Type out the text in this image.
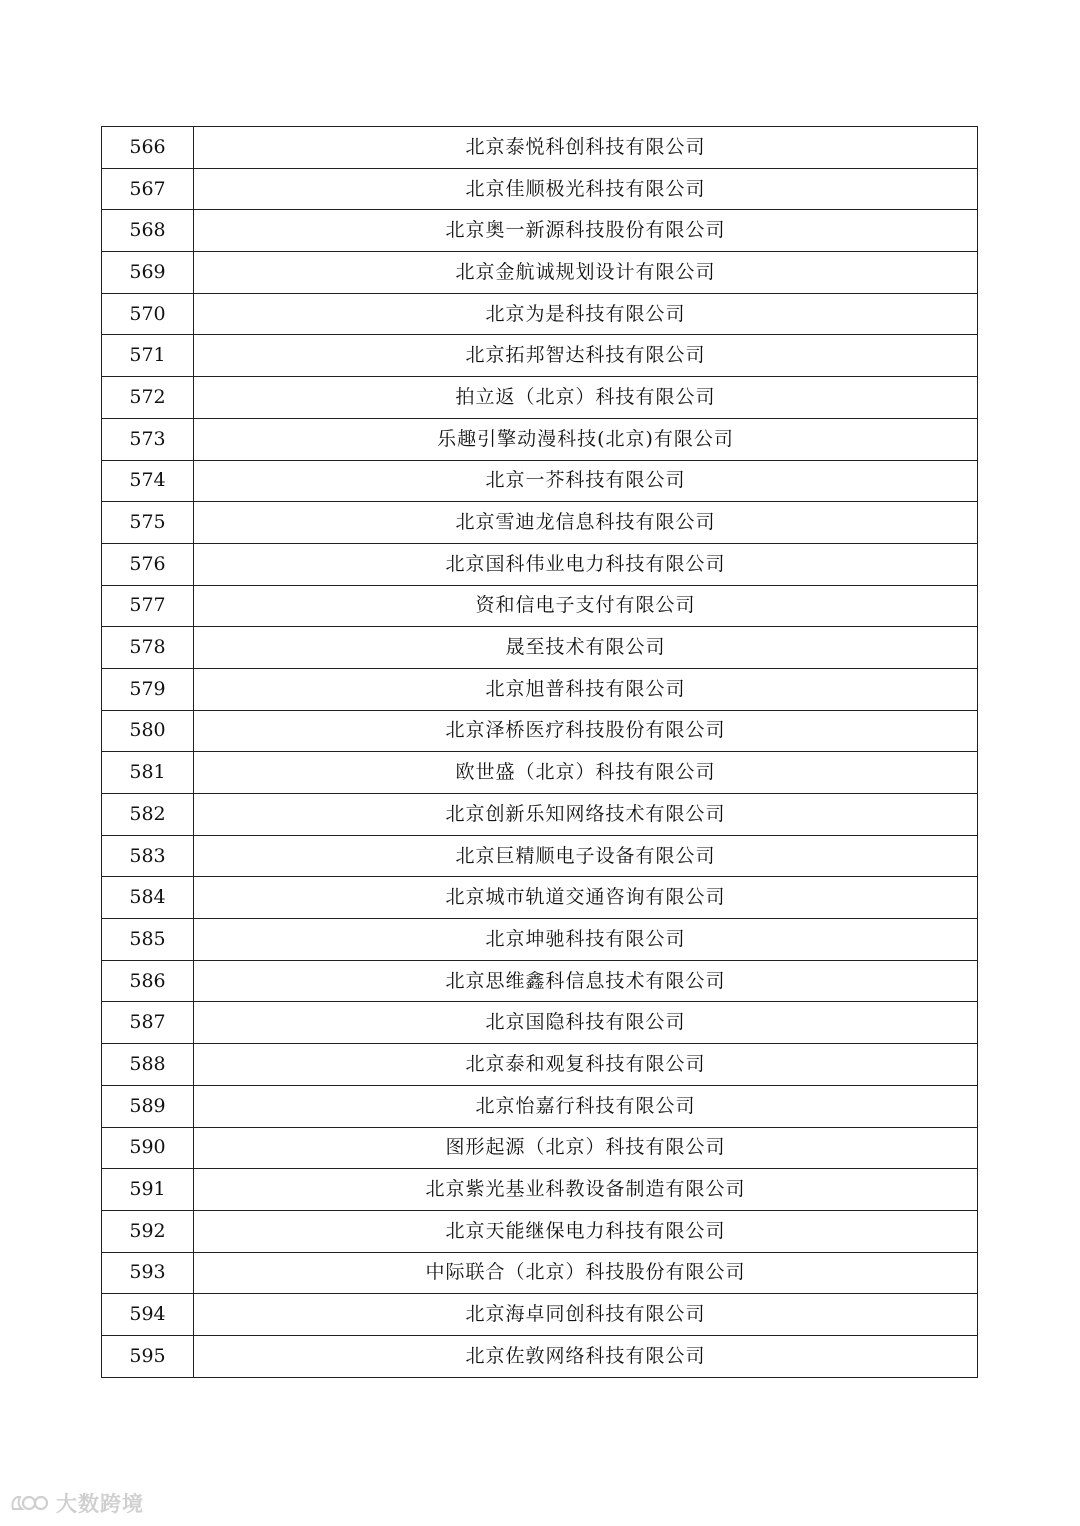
566	北京泰悦科创科技有限公司
567	北京佳顺极光科技有限公司
568	北京奥一新源科技股份有限公司
569	北京金航诚规划设计有限公司
570	北京为是科技有限公司
571	北京拓邦智达科技有限公司
572	拍立返（北京）科技有限公司
573	乐趣引擎动漫科技(北京)有限公司
574	北京一芥科技有限公司
575	北京雪迪龙信息科技有限公司
576	北京国科伟业电力科技有限公司
577	资和信电子支付有限公司
578	晟至技术有限公司
579	北京旭普科技有限公司
580	北京泽桥医疗科技股份有限公司
581	欧世盛（北京）科技有限公司
582	北京创新乐知网络技术有限公司
583	北京巨精顺电子设备有限公司
584	北京城市轨道交通咨询有限公司
585	北京坤驰科技有限公司
586	北京思维鑫科信息技术有限公司
587	北京国隐科技有限公司
588	北京泰和观复科技有限公司
589	北京怡嘉行科技有限公司
590	图形起源（北京）科技有限公司
591	北京紫光基业科教设备制造有限公司
592	北京天能继保电力科技有限公司
593	中际联合（北京）科技股份有限公司
594	北京海卓同创科技有限公司
595	北京佐敦网络科技有限公司
大数跨境
